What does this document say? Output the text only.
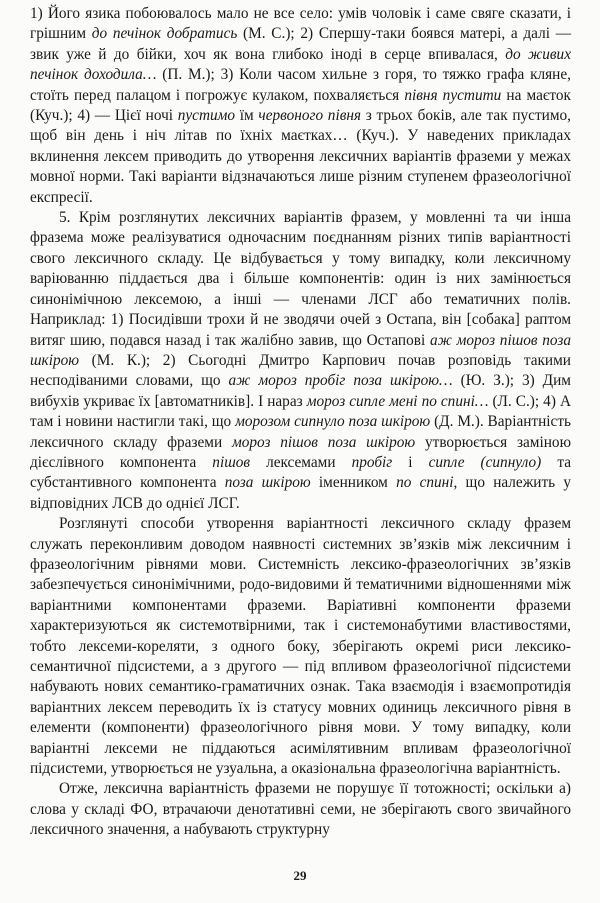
1) Його язика побоювалось мало не все село: умів чоловік і саме свяге сказати, і грішним до печінок добратись (М. С.); 2) Спершу-таки боявся матері, а далі — звик уже й до бійки, хоч як вона глибоко іноді в серце впивалася, до живих печінок доходила… (П. М.); 3) Коли часом хильне з горя, то тяжко графа кляне, стоїть перед палацом і погрожує кулаком, похваляється півня пустити на маєток (Куч.); 4) — Цієї ночі пустимо їм червоного півня з трьох боків, але так пустимо, щоб він день і ніч літав по їхніх маєтках… (Куч.). У наведених прикладах вклинення лексем приводить до утворення лексичних варіантів фраземи у межах мовної норми. Такі варіанти відзначаються лише різним ступенем фразеологічної експресії.

5. Крім розглянутих лексичних варіантів фразем, у мовленні та чи інша фразема може реалізуватися одночасним поєднанням різних типів варіантності свого лексичного складу. Це відбувається у тому випадку, коли лексичному варіюванню піддається два і більше компонентів: один із них замінюється синонімічною лексемою, а інші — членами ЛСГ або тематичних полів. Наприклад: 1) Посидівши трохи й не зводячи очей з Остапа, він [собака] раптом витяг шию, подався назад і так жалібно завив, що Остапові аж мороз пішов поза шкірою (М. К.); 2) Сьогодні Дмитро Карпович почав розповідь такими несподіваними словами, що аж мороз пробіг поза шкірою… (Ю. З.); 3) Дим вибухів укриває їх [автоматників]. І нараз мороз сипле мені по спині… (Л. С.); 4) А там і новини настигли такі, що морозом сипнуло поза шкірою (Д. М.). Варіантність лексичного складу фраземи мороз пішов поза шкірою утворюється заміною дієслівного компонента пішов лексемами пробіг і сипле (сипнуло) та субстантивного компонента поза шкірою іменником по спині, що належить у відповідних ЛСВ до однієї ЛСГ.

Розглянуті способи утворення варіантності лексичного складу фразем служать переконливим доводом наявності системних зв’язків між лексичним і фразеологічним рівнями мови. Системність лексико-фразеологічних зв’язків забезпечується синонімічними, родо-видовими й тематичними відношеннями між варіантними компонентами фраземи. Варіативні компоненти фраземи характеризуються як системотвірними, так і системонабутими властивостями, тобто лексеми-кореляти, з одного боку, зберігають окремі риси лексико-семантичної підсистеми, а з другого — під впливом фразеологічної підсистеми набувають нових семантико-граматичних ознак. Така взаємодія і взаємопротидія варіантних лексем переводить їх із статусу мовних одиниць лексичного рівня в елементи (компоненти) фразеологічного рівня мови. У тому випадку, коли варіантні лексеми не піддаються асимілятивним впливам фразеологічної підсистеми, утворюється не узуальна, а оказіональна фразеологічна варіантність.

Отже, лексична варіантність фраземи не порушує її тотожності; оскільки а) слова у складі ФО, втрачаючи денотативні семи, не зберігають свого звичайного лексичного значення, а набувають структурну

29
